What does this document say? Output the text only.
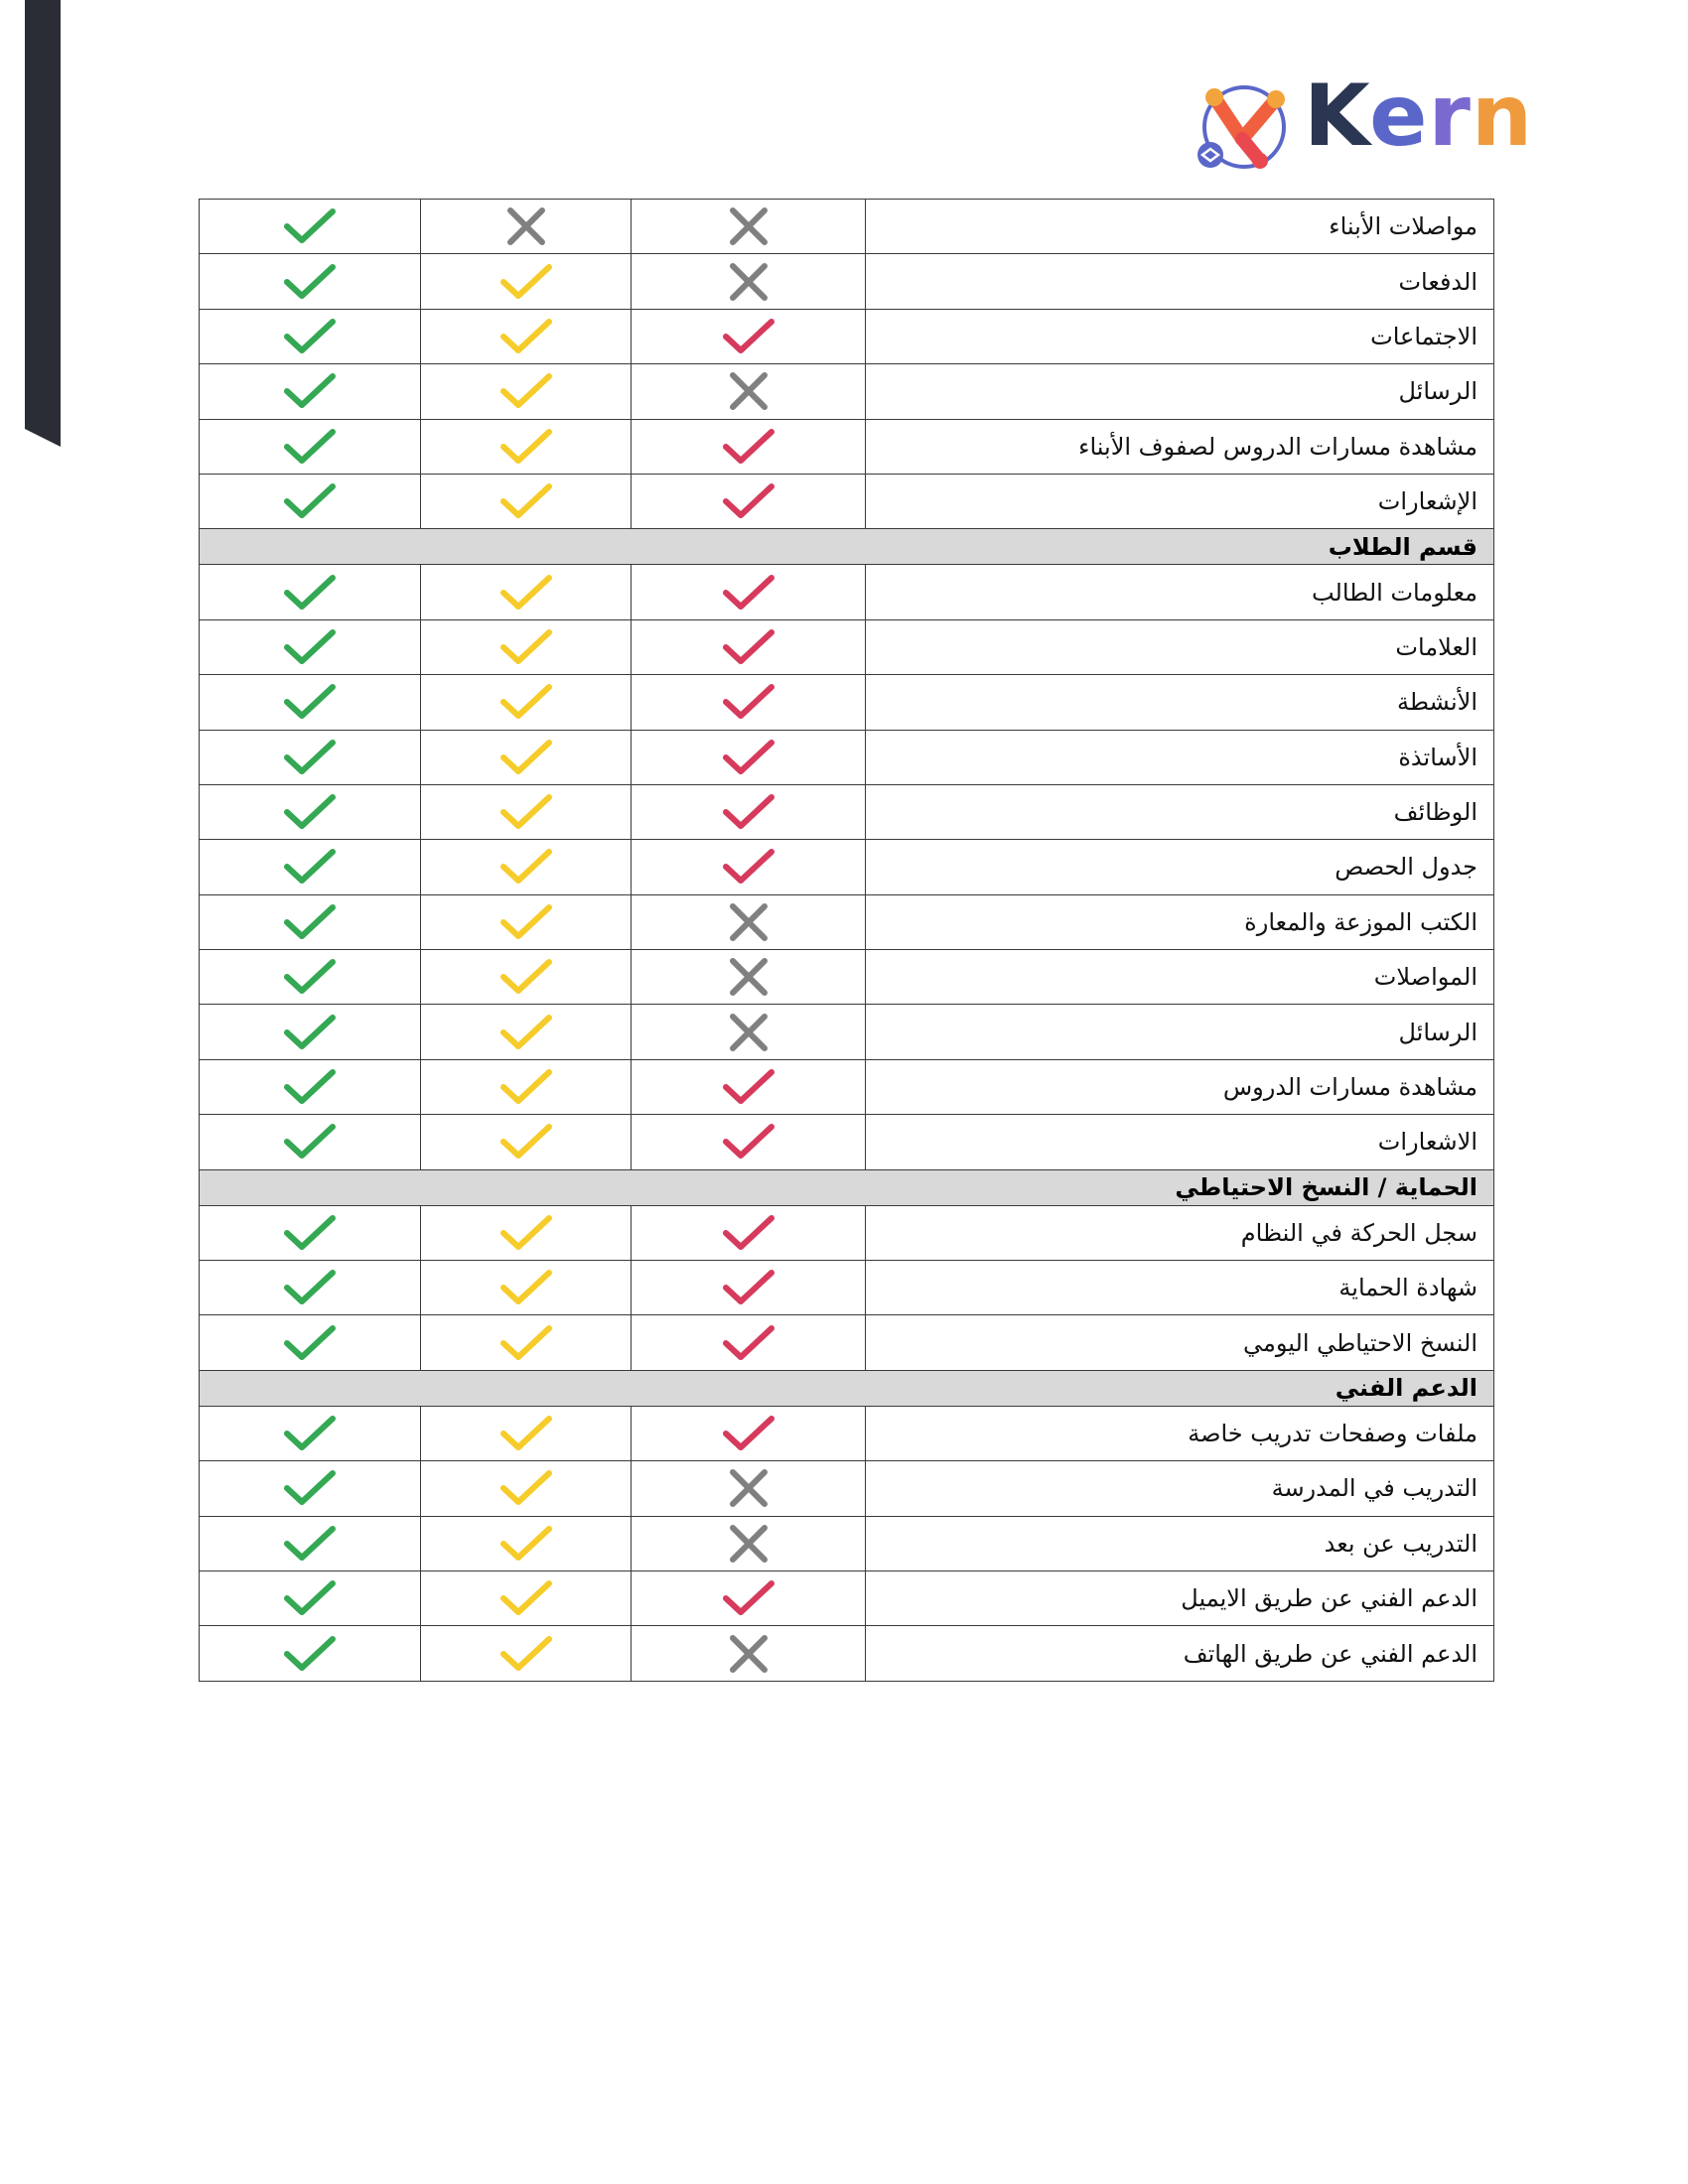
Kern

	مواصلات الأبناء

	الدفعات

	الاجتماعات

	الرسائل

	مشاهدة مسارات الدروس لصفوف الأبناء

	الإشعارات
قسم الطلاب			

	معلومات الطالب

	العلامات

	الأنشطة

	الأساتذة

	الوظائف

	جدول الحصص

	الكتب الموزعة والمعارة

	المواصلات

	الرسائل

	مشاهدة مسارات الدروس

	الاشعارات
الحماية / النسخ الاحتياطي			

	سجل الحركة في النظام

	شهادة الحماية

	النسخ الاحتياطي اليومي
الدعم الفني			

	ملفات وصفحات تدريب خاصة

	التدريب في المدرسة

	التدريب عن بعد

	الدعم الفني عن طريق الايميل

	الدعم الفني عن طريق الهاتف
